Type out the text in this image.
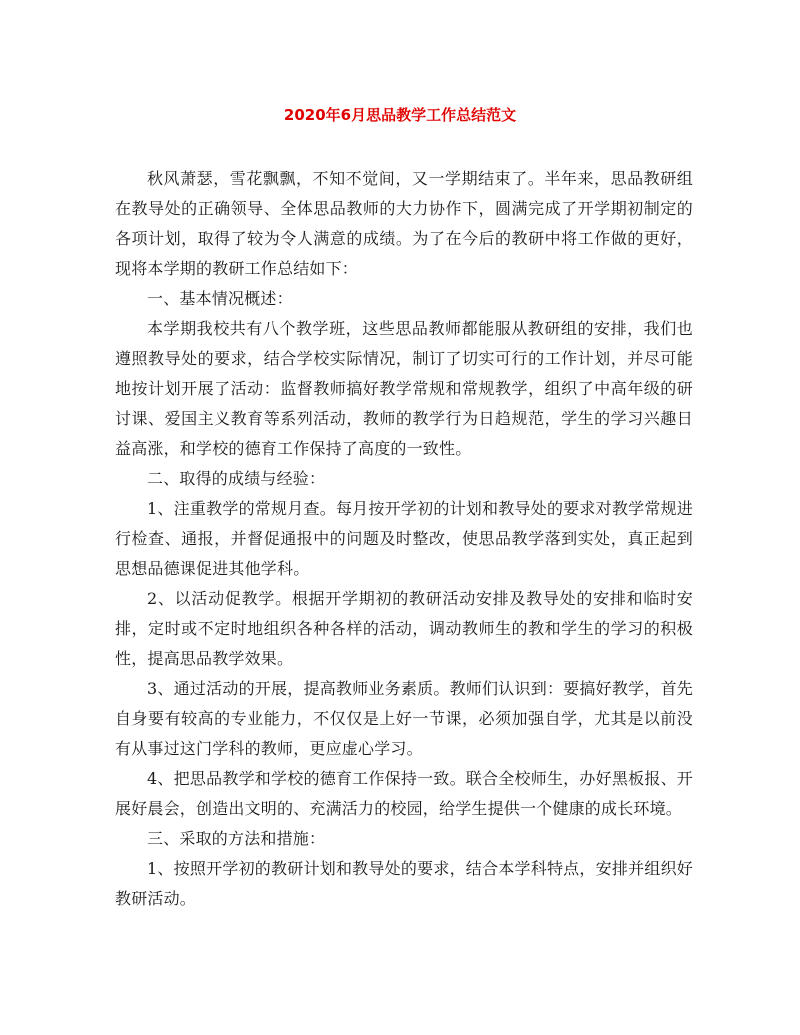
2020年6月思品教学工作总结范文

秋风萧瑟，雪花飘飘，不知不觉间，又一学期结束了。半年来，思品教研组在教导处的正确领导、全体思品教师的大力协作下，圆满完成了开学期初制定的各项计划，取得了较为令人满意的成绩。为了在今后的教研中将工作做的更好，现将本学期的教研工作总结如下：

一、基本情况概述：

本学期我校共有八个教学班，这些思品教师都能服从教研组的安排，我们也遵照教导处的要求，结合学校实际情况，制订了切实可行的工作计划，并尽可能地按计划开展了活动：监督教师搞好教学常规和常规教学，组织了中高年级的研讨课、爱国主义教育等系列活动，教师的教学行为日趋规范，学生的学习兴趣日益高涨，和学校的德育工作保持了高度的一致性。

二、取得的成绩与经验：

1、注重教学的常规月查。每月按开学初的计划和教导处的要求对教学常规进行检查、通报，并督促通报中的问题及时整改，使思品教学落到实处，真正起到思想品德课促进其他学科。

2、以活动促教学。根据开学期初的教研活动安排及教导处的安排和临时安排，定时或不定时地组织各种各样的活动，调动教师生的教和学生的学习的积极性，提高思品教学效果。

3、通过活动的开展，提高教师业务素质。教师们认识到：要搞好教学，首先自身要有较高的专业能力，不仅仅是上好一节课，必须加强自学，尤其是以前没有从事过这门学科的教师，更应虚心学习。

4、把思品教学和学校的德育工作保持一致。联合全校师生，办好黑板报、开展好晨会，创造出文明的、充满活力的校园，给学生提供一个健康的成长环境。

三、采取的方法和措施：

1、按照开学初的教研计划和教导处的要求，结合本学科特点，安排并组织好教研活动。
